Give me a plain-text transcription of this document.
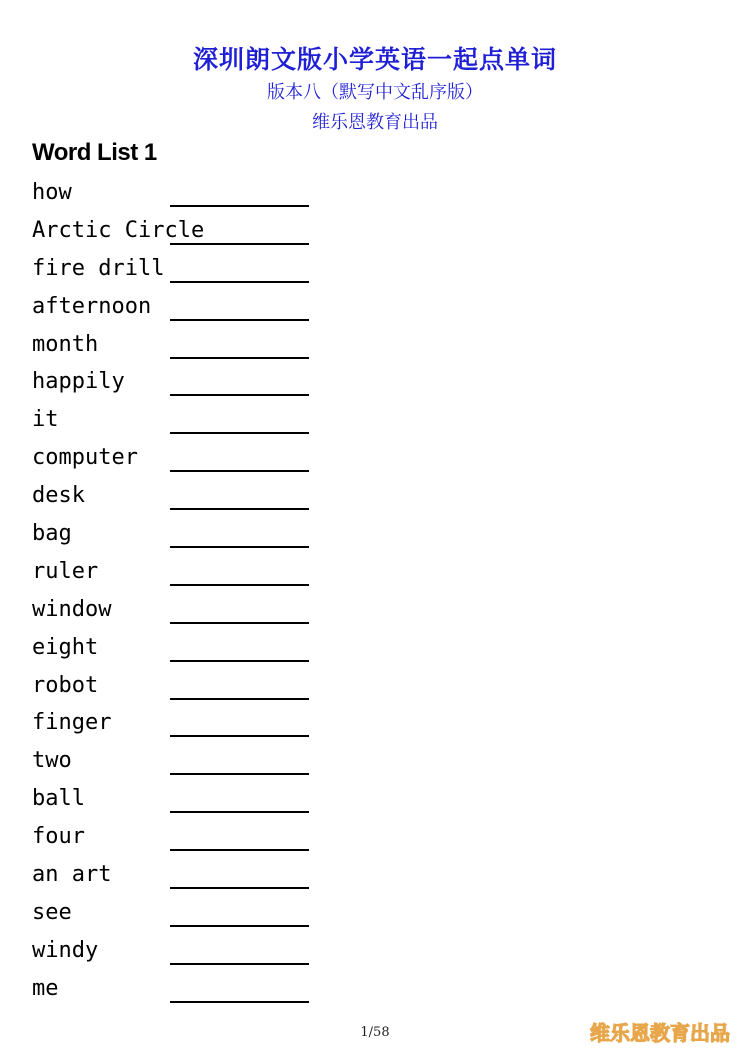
深圳朗文版小学英语一起点单词
版本八（默写中文乱序版）
维乐恩教育出品
Word List 1
how
Arctic Circle
fire drill
afternoon
month
happily
it
computer
desk
bag
ruler
window
eight
robot
finger
two
ball
four
an art
see
windy
me
1/58	维乐恩教育出品
